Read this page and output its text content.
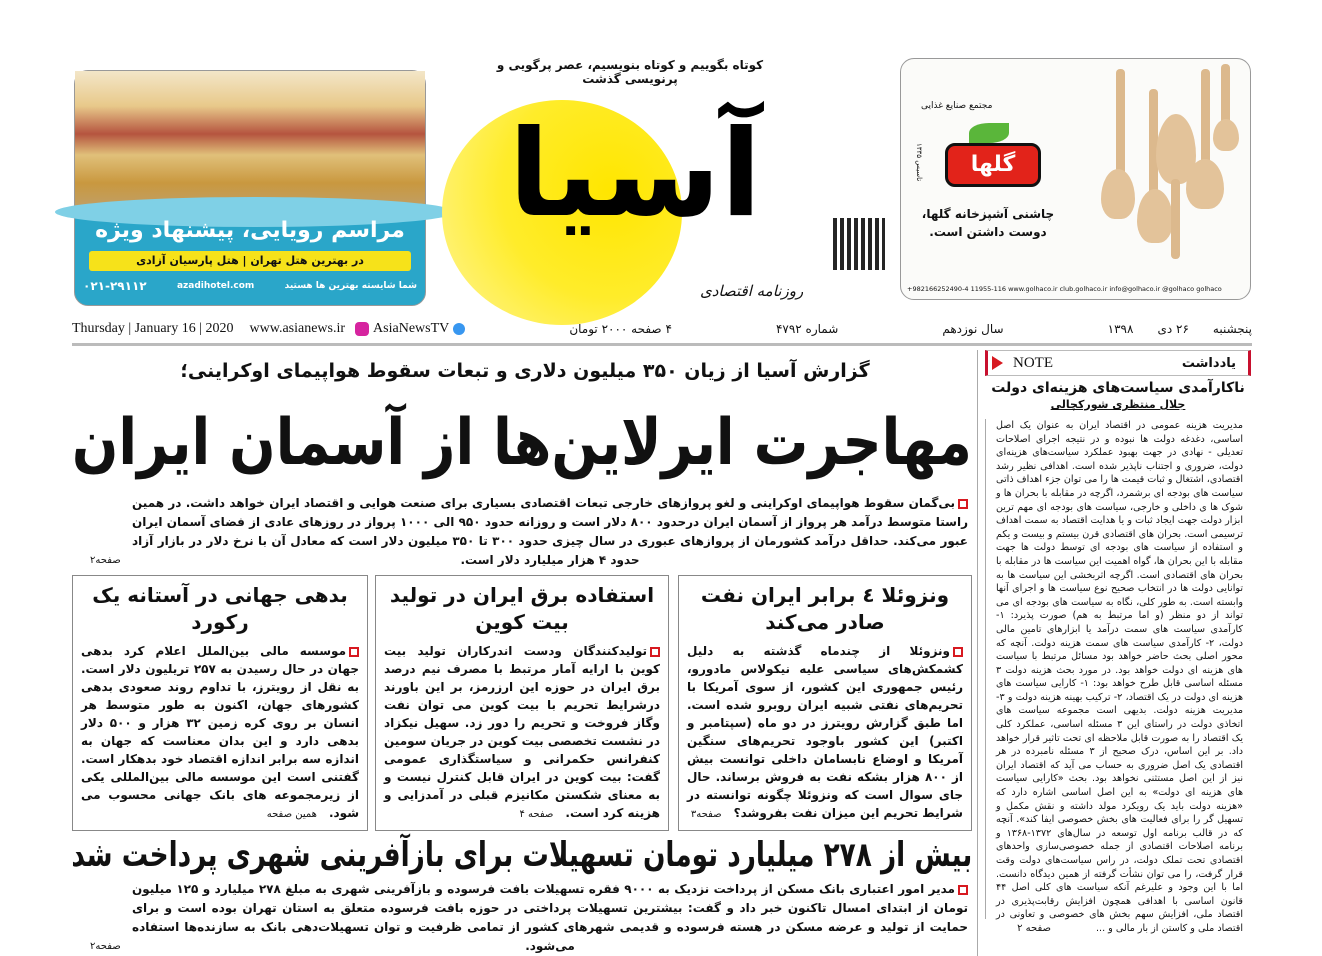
مراسم رویایی، پیشنهاد ویژه
در بهترین هتل تهران | هتل پارسیان آزادی
شما شایسته بهترین ها هستید
azadihotel.com
۰۲۱-۲۹۱۱۲
مجتمع صنایع غذایی
گلها
تاسیس ۱۳۳۵
چاشنی آشپزخانه گلها، دوست داشتن است.
+982166252490-4 11955-116 www.golhaco.ir club.golhaco.ir info@golhaco.ir @golhaco golhaco
آسیا
کوتاه بگوییم و کوتاه بنویسیم، عصر پرگویی و پرنویسی گذشت
روزنامه اقتصادی
Thursday | January 16 | 2020 www.asianews.ir AsiaNewsTV	۴ صفحه ۲۰۰۰ تومان	شماره ۴۷۹۲	سال نوزدهم	۱۳۹۸ ۲۶ دی پنجشنبه
NOTE	یادداشت
ناکارآمدی سیاست‌های هزینه‌ای دولت
جلال منتظری شورکچالی
مدیریت هزینه عمومی در اقتصاد ایران به عنوان یک اصل اساسی، دغدغه دولت ها نبوده و در نتیجه اجرای اصلاحات تعدیلی - نهادی در جهت بهبود عملکرد سیاست‌های هزینه‌ای دولت، ضروری و اجتناب ناپذیر شده است. اهدافی نظیر رشد اقتصادی، اشتغال و ثبات قیمت ها را می توان جزء اهداف ذاتی سیاست های بودجه ای برشمرد، اگرچه در مقابله با بحران ها و شوک ها ی داخلی و خارجی، سیاست های بودجه ای مهم ترین ابزار دولت جهت ایجاد ثبات و یا هدایت اقتصاد به سمت اهداف ترسیمی است. بحران های اقتصادی قرن بیستم و بیست و یکم و استفاده از سیاست های بودجه ای توسط دولت ها جهت مقابله با این بحران ها، گواه اهمیت این سیاست ها در مقابله با بحران های اقتصادی است. اگرچه اثربخشی این سیاست ها به توانایی دولت ها در انتخاب صحیح نوع سیاست ها و اجرای آنها وابسته است. به طور کلی، نگاه به سیاست های بودجه ای می تواند از دو منظر (و اما مرتبط به هم) صورت پذیرد: ۱- کارآمدی سیاست های سمت درآمد یا ابزارهای تامین مالی دولت، ۲- کارآمدی سیاست های سمت هزینه دولت. آنچه که محور اصلی بحث حاضر خواهد بود مسائل مرتبط با سیاست های هزینه ای دولت خواهد بود. در مورد بحث هزینه دولت ۳ مسئله اساسی قابل طرح خواهد بود: ۱- کارایی سیاست های هزینه ای دولت در یک اقتصاد، ۲- ترکیب بهینه هزینه دولت و ۳- مدیریت هزینه دولت. بدیهی است مجموعه سیاست های اتخاذی دولت در راستای این ۳ مسئله اساسی، عملکرد کلی یک اقتصاد را به صورت قابل ملاحظه ای تحت تاثیر قرار خواهد داد. بر این اساس، درک صحیح از ۳ مسئله نامبرده در هر اقتصادی یک اصل ضروری به حساب می آید که اقتصاد ایران نیز از این اصل مستثنی نخواهد بود. بحث «کارایی سیاست های هزینه ای دولت» به این اصل اساسی اشاره دارد که «هزینه دولت باید یک رویکرد مولد داشته و نقش مکمل و تسهیل گر را برای فعالیت های بخش خصوصی ایفا کند». آنچه که در قالب برنامه اول توسعه در سال‌های ۱۳۷۲-۱۳۶۸ و برنامه اصلاحات اقتصادی از جمله خصوصی‌سازی واحدهای اقتصادی تحت تملک دولت، در راس سیاست‌های دولت وقت قرار گرفت، را می توان نشأت گرفته از همین دیدگاه دانست. اما با این وجود و علیرغم آنکه سیاست های کلی اصل ۴۴ قانون اساسی با اهدافی همچون افزایش رقابت‌پذیری در اقتصاد ملی، افزایش سهم بخش های خصوصی و تعاونی در اقتصاد ملی و کاستن از بار مالی و ...
صفحه ۲
گزارش آسیا از زیان ۳۵۰ میلیون دلاری و تبعات سقوط هواپیمای اوکراینی؛
مهاجرت ایرلاین‌ها از آسمان ایران
بی‌گمان سقوط هواپیمای اوکراینی و لغو پروازهای خارجی تبعات اقتصادی بسیاری برای صنعت هوایی و اقتصاد ایران خواهد داشت. در همین راستا متوسط درآمد هر پرواز از آسمان ایران درحدود ۸۰۰ دلار است و روزانه حدود ۹۵۰ الی ۱۰۰۰ پرواز در روزهای عادی از فضای آسمان ایران عبور می‌کند. حداقل درآمد کشورمان از پروازهای عبوری در سال چیزی حدود ۳۰۰ تا ۳۵۰ میلیون دلار است که معادل آن با نرخ دلار در بازار آزاد حدود ۴ هزار میلیارد دلار است.
صفحه۲
ونزوئلا ٤ برابر ایران نفت صادر می‌کند

ونزوئلا از چندماه گذشته به دلیل کشمکش‌های سیاسی علیه نیکولاس مادورو، رئیس جمهوری این کشور، از سوی آمریکا با تحریم‌های نفتی شبیه ایران روبرو شده است. اما طبق گزارش رویترز در دو ماه (سپتامبر و اکتبر) این کشور باوجود تحریم‌های سنگین آمریکا و اوضاع نابسامان داخلی توانست بیش از ۸۰۰ هزار بشکه نفت به فروش برساند. حال جای سوال است که ونزوئلا چگونه توانسته در شرایط تحریم این میزان نفت بفروشد؟صفحه۳

استفاده برق ایران در تولید بیت کوین

تولیدکنندگان ودست اندرکاران تولید بیت کوین با ارایه آمار مرتبط با مصرف نیم درصد برق ایران در حوزه این ارزرمز، بر این باورند درشرایط تحریم با بیت کوین می توان نفت وگاز فروخت و تحریم را دور زد. سهیل نیکزاد در نشست تخصصی بیت کوین در جریان سومین کنفرانس حکمرانی و سیاستگذاری عمومی گفت: بیت کوین در ایران قابل کنترل نیست و به معنای شکستن مکانیزم قبلی در آمدزایی و هزینه کرد است.صفحه ۴

بدهی جهانی در آستانه یک رکورد

موسسه مالی بین‌الملل اعلام کرد بدهی جهان در حال رسیدن به ۲۵۷ تریلیون دلار است. به نقل از رویترز، با تداوم روند صعودی بدهی کشورهای جهان، اکنون به طور متوسط هر انسان بر روی کره زمین ۳۲ هزار و ۵۰۰ دلار بدهی دارد و این بدان معناست که جهان به اندازه سه برابر اندازه اقتصاد خود بدهکار است. گفتنی است این موسسه مالی بین‌المللی یکی از زیرمجموعه های بانک جهانی محسوب می شود.همین صفحه

بیش از ۲۷۸ میلیارد تومان تسهیلات برای بازآفرینی شهری پرداخت شد
مدیر امور اعتباری بانک مسکن از پرداخت نزدیک به ۹۰۰۰ فقره تسهیلات بافت فرسوده و بازآفرینی شهری به مبلغ ۲۷۸ میلیارد و ۱۲۵ میلیون تومان از ابتدای امسال تاکنون خبر داد و گفت: بیشترین تسهیلات پرداختی در حوزه بافت فرسوده متعلق به استان تهران بوده است و برای حمایت از تولید و عرضه مسکن در هسته فرسوده و قدیمی شهرهای کشور از تمامی ظرفیت و توان تسهیلات‌دهی بانک به سازنده‌ها استفاده می‌شود.
صفحه۲
